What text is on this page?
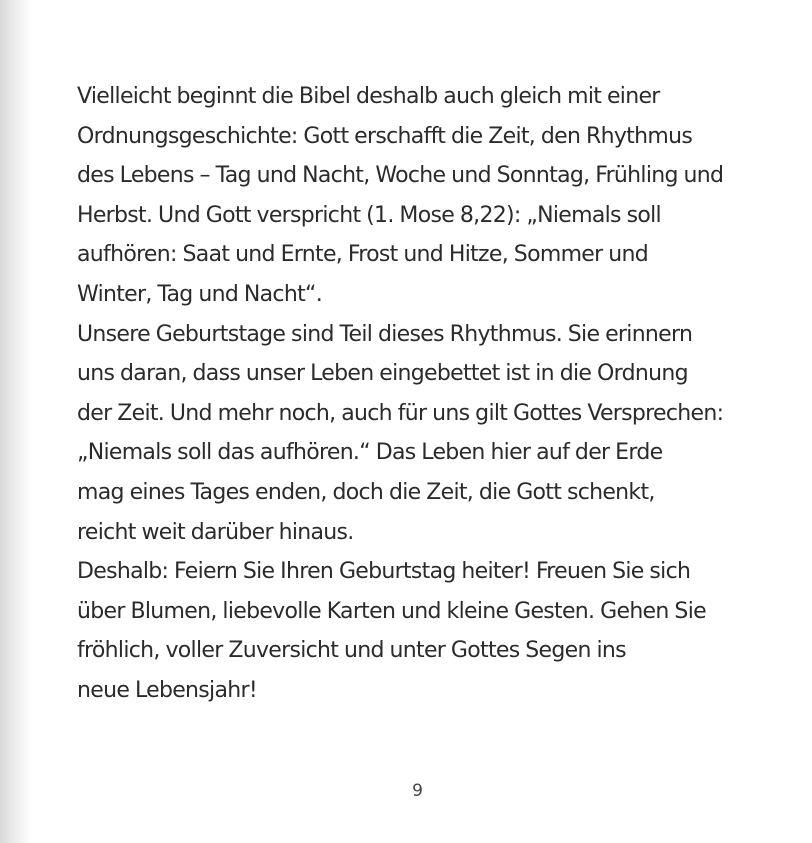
Vielleicht beginnt die Bibel deshalb auch gleich mit einer
Ordnungsgeschichte: Gott erschafft die Zeit, den Rhythmus
des Lebens – Tag und Nacht, Woche und Sonntag, Frühling und
Herbst. Und Gott verspricht (1. Mose 8,22): „Niemals soll
aufhören: Saat und Ernte, Frost und Hitze, Sommer und
Winter, Tag und Nacht“.
Unsere Geburtstage sind Teil dieses Rhythmus. Sie erinnern
uns daran, dass unser Leben eingebettet ist in die Ordnung
der Zeit. Und mehr noch, auch für uns gilt Gottes Versprechen:
„Niemals soll das aufhören.“ Das Leben hier auf der Erde
mag eines Tages enden, doch die Zeit, die Gott schenkt,
reicht weit darüber hinaus.
Deshalb: Feiern Sie Ihren Geburtstag heiter! Freuen Sie sich
über Blumen, liebevolle Karten und kleine Gesten. Gehen Sie
fröhlich, voller Zuversicht und unter Gottes Segen ins
neue Lebensjahr!
9
